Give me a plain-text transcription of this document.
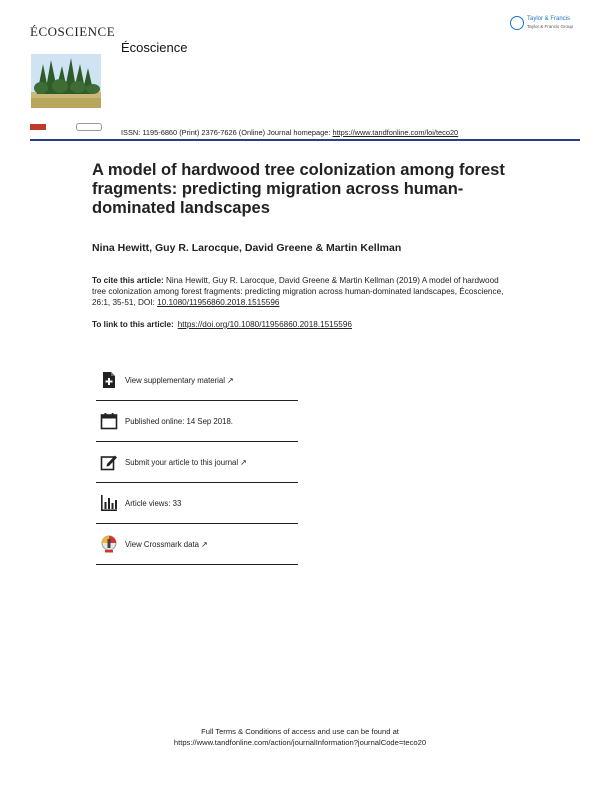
ÉCOSCIENCE
Écoscience
Taylor & Francis
Taylor & Francis Group
ISSN: 1195-6860 (Print) 2376-7626 (Online) Journal homepage: https://www.tandfonline.com/loi/teco20
A model of hardwood tree colonization among forest fragments: predicting migration across human-dominated landscapes
Nina Hewitt, Guy R. Larocque, David Greene & Martin Kellman
To cite this article: Nina Hewitt, Guy R. Larocque, David Greene & Martin Kellman (2019) A model of hardwood tree colonization among forest fragments: predicting migration across human-dominated landscapes, Écoscience, 26:1, 35-51, DOI: 10.1080/11956860.2018.1515596
To link to this article: https://doi.org/10.1080/11956860.2018.1515596
View supplementary material ↗
Published online: 14 Sep 2018.
Submit your article to this journal ↗
Article views: 33
View Crossmark data ↗
Full Terms & Conditions of access and use can be found at
https://www.tandfonline.com/action/journalInformation?journalCode=teco20
